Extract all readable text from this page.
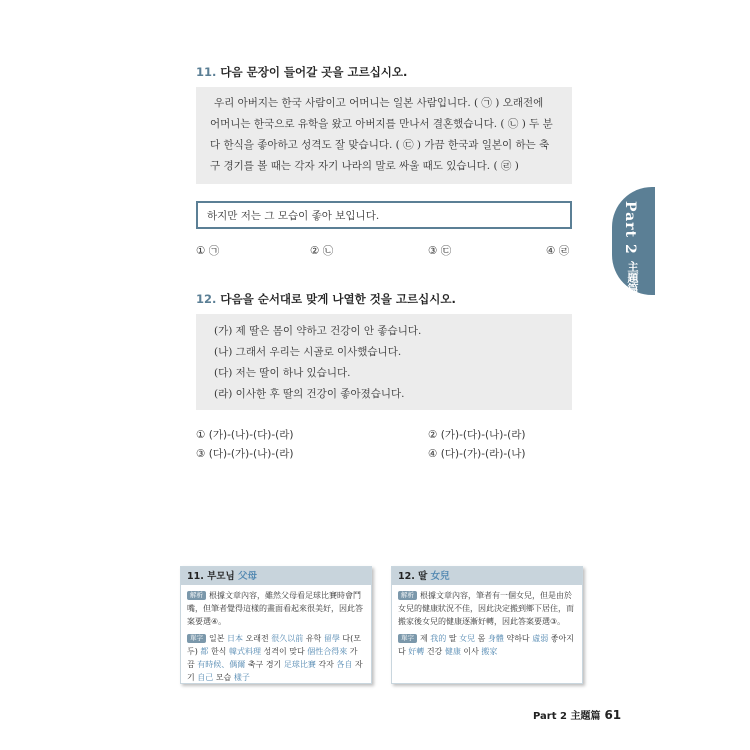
11. 다음 문장이 들어갈 곳을 고르십시오.

우리 아버지는 한국 사람이고 어머니는 일본 사람입니다. ( ㉠ ) 오래전에

어머니는 한국으로 유학을 왔고 아버지를 만나서 결혼했습니다. ( ㉡ ) 두 분

다 한식을 좋아하고 성격도 잘 맞습니다. ( ㉢ ) 가끔 한국과 일본이 하는 축

구 경기를 볼 때는 각자 자기 나라의 말로 싸울 때도 있습니다. ( ㉣ )

하지만 저는 그 모습이 좋아 보입니다.
① ㉠	② ㉡	③ ㉢	④ ㉣	Part 2
主題篇
12. 다음을 순서대로 맞게 나열한 것을 고르십시오.

(가) 제 딸은 몸이 약하고 건강이 안 좋습니다.

(나) 그래서 우리는 시골로 이사했습니다.

(다) 저는 딸이 하나 있습니다.

(라) 이사한 후 딸의 건강이 좋아졌습니다.

① (가)-(나)-(다)-(라)	② (가)-(다)-(나)-(라)
③ (다)-(가)-(나)-(라)	④ (다)-(가)-(라)-(나)
11. 부모님 父母
解析 根據文章內容，雖然父母看足球比賽時會鬥嘴，但筆者覺得這樣的畫面看起來很美好，因此答案要選④。
單字 일본 日本 오래전 很久以前 유학 留學 다(모두) 都 한식 韓式料理 성격이 맞다 個性合得來 가끔 有時候、偶爾 축구 경기 足球比賽 각자 各自 자기 自己 모습 樣子
12. 딸 女兒
解析 根據文章內容，筆者有一個女兒，但是由於女兒的健康狀況不佳，因此決定搬到鄉下居住，而搬家後女兒的健康逐漸好轉，因此答案要選③。
單字 제 我的 딸 女兒 몸 身體 약하다 虛弱 좋아지다 好轉 건강 健康 이사 搬家
Part 2 主題篇 61
